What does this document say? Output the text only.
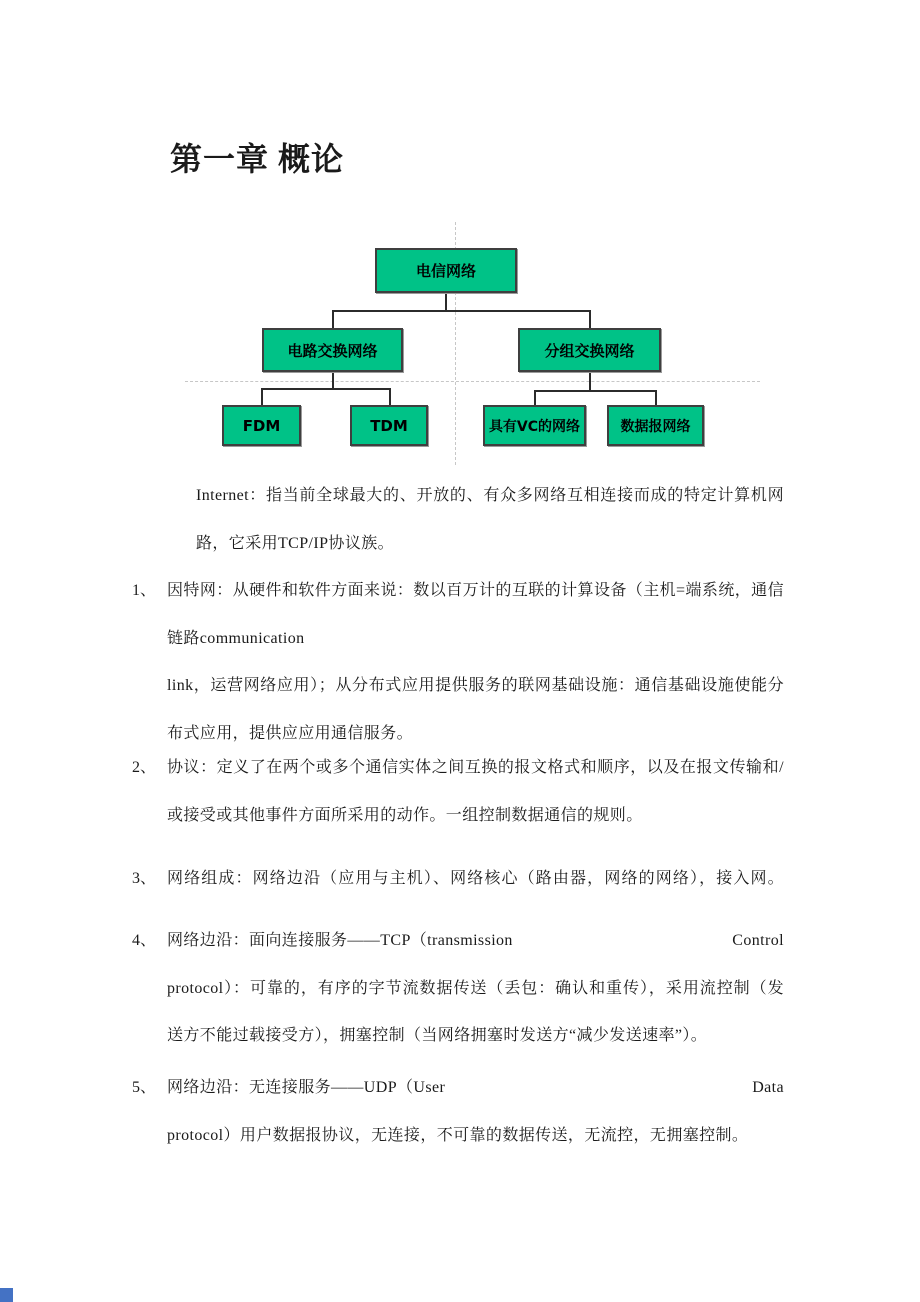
第一章 概论
电信网络
电路交换网络	分组交换网络
FDM	TDM	具有VC的网络	数据报网络
Internet：指当前全球最大的、开放的、有众多网络互相连接而成的特定计算机网
路，它采用TCP/IP协议族。
1、 因特网：从硬件和软件方面来说：数以百万计的互联的计算设备（主机=端系统，通信
链路communication
link，运营网络应用）；从分布式应用提供服务的联网基础设施：通信基础设施使能分
布式应用，提供应应用通信服务。
2、 协议：定义了在两个或多个通信实体之间互换的报文格式和顺序，以及在报文传输和/
或接受或其他事件方面所采用的动作。一组控制数据通信的规则。
3、 网络组成：网络边沿（应用与主机）、网络核心（路由器，网络的网络），接入网。
4、 网络边沿：面向连接服务——TCP（transmission	Control
protocol）：可靠的，有序的字节流数据传送（丢包：确认和重传），采用流控制（发
送方不能过载接受方），拥塞控制（当网络拥塞时发送方“减少发送速率”）。
5、 网络边沿：无连接服务——UDP（User	Data
protocol）用户数据报协议，无连接，不可靠的数据传送，无流控，无拥塞控制。
